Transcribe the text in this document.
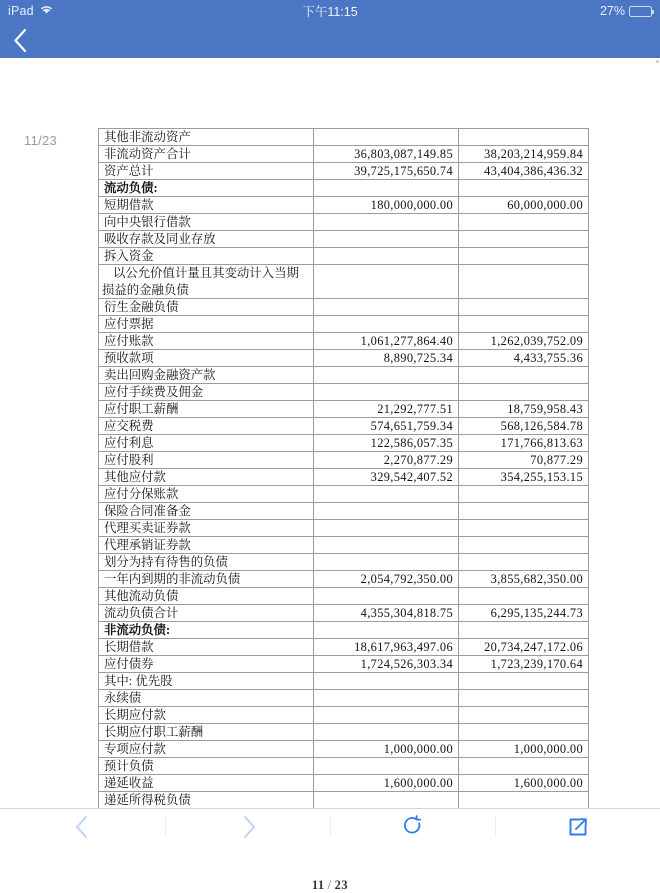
iPad	下午11:15	27%
11/23	其他非流动资产		
非流动资产合计	36,803,087,149.85	38,203,214,959.84
资产总计	39,725,175,650.74	43,404,386,436.32
流动负债:		
短期借款	180,000,000.00	60,000,000.00
向中央银行借款		
吸收存款及同业存放		
拆入资金		
以公允价值计量且其变动计入当期损益的金融负债		
衍生金融负债		
应付票据		
应付账款	1,061,277,864.40	1,262,039,752.09
预收款项	8,890,725.34	4,433,755.36
卖出回购金融资产款		
应付手续费及佣金		
应付职工薪酬	21,292,777.51	18,759,958.43
应交税费	574,651,759.34	568,126,584.78
应付利息	122,586,057.35	171,766,813.63
应付股利	2,270,877.29	70,877.29
其他应付款	329,542,407.52	354,255,153.15
应付分保账款		
保险合同准备金		
代理买卖证券款		
代理承销证券款		
划分为持有待售的负债		
一年内到期的非流动负债	2,054,792,350.00	3,855,682,350.00
其他流动负债		
流动负债合计	4,355,304,818.75	6,295,135,244.73
非流动负债:		
长期借款	18,617,963,497.06	20,734,247,172.06
应付债券	1,724,526,303.34	1,723,239,170.64
其中: 优先股		
永续债		
长期应付款		
长期应付职工薪酬		
专项应付款	1,000,000.00	1,000,000.00
预计负债		
递延收益	1,600,000.00	1,600,000.00
递延所得税负债		

11 / 23
